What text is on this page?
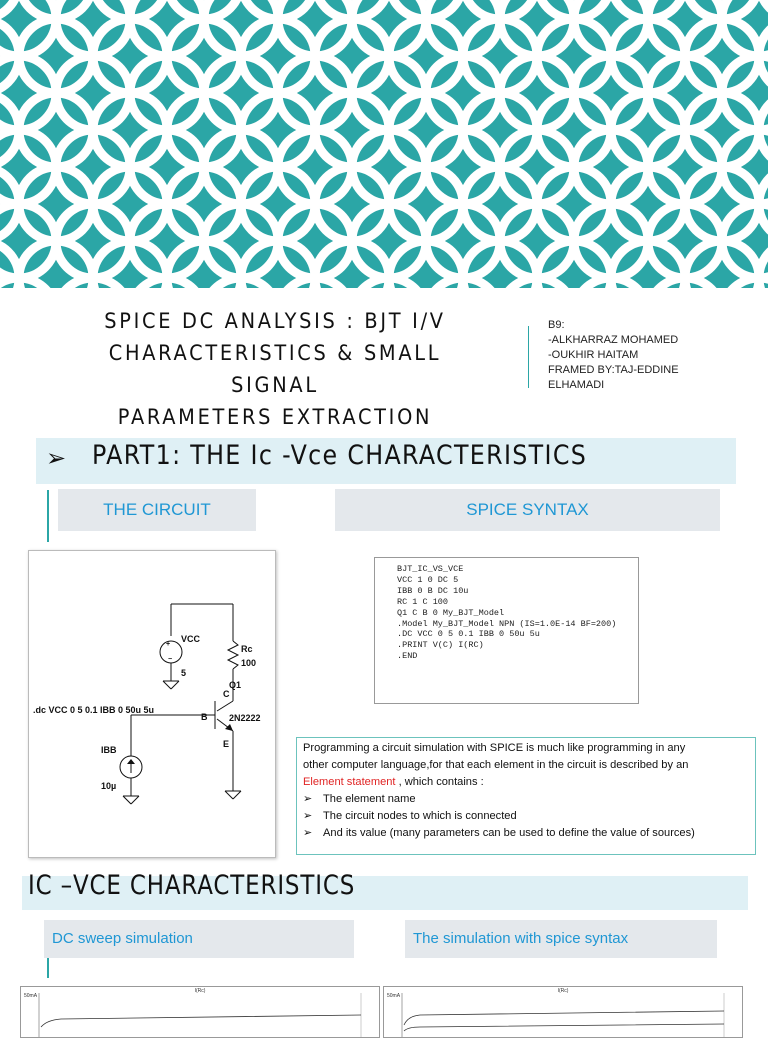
SPICE DC ANALYSIS : BJT I/V
CHARACTERISTICS & SMALL SIGNAL
PARAMETERS EXTRACTION
B9:
-ALKHARRAZ MOHAMED
-OUKHIR HAITAM
FRAMED BY:TAJ-EDDINE
ELHAMADI
➢ PART1: THE Ic -Vce CHARACTERISTICS
THE CIRCUIT	SPICE SYNTAX
+
−
VCC
5
Rc
100
C
B
E
Q1
2N2222
IBB
10µ
.dc VCC 0 5 0.1 IBB 0 50u 5u
BJT_IC_VS_VCE
VCC 1 0 DC 5
IBB 0 B DC 10u
RC 1 C 100
Q1 C B 0 My_BJT_Model
.Model My_BJT_Model NPN (IS=1.0E-14 BF=200)
.DC VCC 0 5 0.1 IBB 0 50u 5u
.PRINT V(C) I(RC)
.END
Programming a circuit simulation with SPICE is much like programming in any
other computer language,for that each element in the circuit is described by an
Element statement , which contains :
➢ The element name
➢ The circuit nodes to which is connected
➢ And its value (many parameters can be used to define the value of sources)
IC –VCE CHARACTERISTICS
DC sweep simulation	The simulation with spice syntax
I(Rc)
50mA
I(Rc)
50mA
